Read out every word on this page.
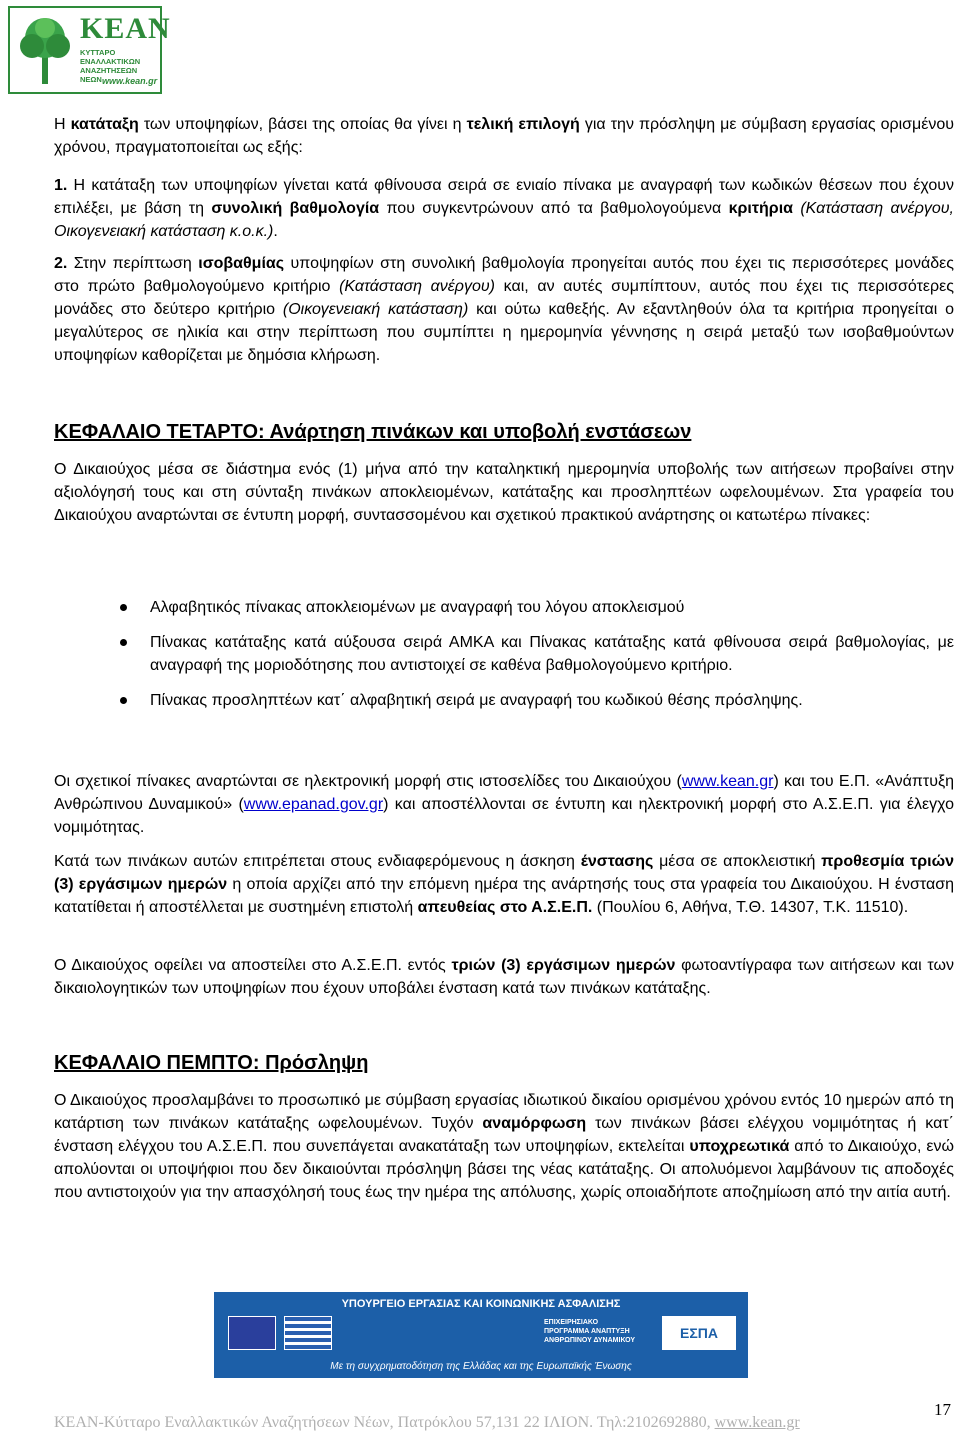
ΚΕΑΝ
ΚΥΤΤΑΡΟ ΕΝΑΛΛΑΚΤΙΚΩΝ ΑΝΑΖΗΤΗΣΕΩΝ ΝΕΩΝ www.kean.gr

Η κατάταξη των υποψηφίων, βάσει της οποίας θα γίνει η τελική επιλογή για την πρόσληψη με σύμβαση εργασίας ορισμένου χρόνου, πραγματοποιείται ως εξής:

1. Η κατάταξη των υποψηφίων γίνεται κατά φθίνουσα σειρά σε ενιαίο πίνακα με αναγραφή των κωδικών θέσεων που έχουν επιλέξει, με βάση τη συνολική βαθμολογία που συγκεντρώνουν από τα βαθμολογούμενα κριτήρια (Κατάσταση ανέργου, Οικογενειακή κατάσταση κ.ο.κ.).

2. Στην περίπτωση ισοβαθμίας υποψηφίων στη συνολική βαθμολογία προηγείται αυτός που έχει τις περισσότερες μονάδες στο πρώτο βαθμολογούμενο κριτήριο (Κατάσταση ανέργου) και, αν αυτές συμπίπτουν, αυτός που έχει τις περισσότερες μονάδες στο δεύτερο κριτήριο (Οικογενειακή κατάσταση) και ούτω καθεξής. Αν εξαντληθούν όλα τα κριτήρια προηγείται ο μεγαλύτερος σε ηλικία και στην περίπτωση που συμπίπτει η ημερομηνία γέννησης η σειρά μεταξύ των ισοβαθμούντων υποψηφίων καθορίζεται με δημόσια κλήρωση.

ΚΕΦΑΛΑΙΟ ΤΕΤΑΡΤΟ: Ανάρτηση πινάκων και υποβολή ενστάσεων

Ο Δικαιούχος μέσα σε διάστημα ενός (1) μήνα από την καταληκτική ημερομηνία υποβολής των αιτήσεων προβαίνει στην αξιολόγησή τους και στη σύνταξη πινάκων αποκλειομένων, κατάταξης και προσληπτέων ωφελουμένων. Στα γραφεία του Δικαιούχου αναρτώνται σε έντυπη μορφή, συντασσομένου και σχετικού πρακτικού ανάρτησης οι κατωτέρω πίνακες:

Αλφαβητικός πίνακας αποκλειομένων με αναγραφή του λόγου αποκλεισμού

Πίνακας κατάταξης κατά αύξουσα σειρά ΑΜΚΑ και Πίνακας κατάταξης κατά φθίνουσα σειρά βαθμολογίας, με αναγραφή της μοριοδότησης που αντιστοιχεί σε καθένα βαθμολογούμενο κριτήριο.

Πίνακας προσληπτέων κατ΄ αλφαβητική σειρά με αναγραφή του κωδικού θέσης πρόσληψης.

Οι σχετικοί πίνακες αναρτώνται σε ηλεκτρονική μορφή στις ιστοσελίδες του Δικαιούχου (www.kean.gr) και του Ε.Π. «Ανάπτυξη Ανθρώπινου Δυναμικού» (www.epanad.gov.gr) και αποστέλλονται σε έντυπη και ηλεκτρονική μορφή στο Α.Σ.Ε.Π. για έλεγχο νομιμότητας.

Κατά των πινάκων αυτών επιτρέπεται στους ενδιαφερόμενους η άσκηση ένστασης μέσα σε αποκλειστική προθεσμία τριών (3) εργάσιμων ημερών η οποία αρχίζει από την επόμενη ημέρα της ανάρτησής τους στα γραφεία του Δικαιούχου. Η ένσταση κατατίθεται ή αποστέλλεται με συστημένη επιστολή απευθείας στο Α.Σ.Ε.Π. (Πουλίου 6, Αθήνα, Τ.Θ. 14307, Τ.Κ. 11510).

Ο Δικαιούχος οφείλει να αποστείλει στο Α.Σ.Ε.Π. εντός τριών (3) εργάσιμων ημερών φωτοαντίγραφα των αιτήσεων και των δικαιολογητικών των υποψηφίων που έχουν υποβάλει ένσταση κατά των πινάκων κατάταξης.

ΚΕΦΑΛΑΙΟ ΠΕΜΠΤΟ: Πρόσληψη

Ο Δικαιούχος προσλαμβάνει το προσωπικό με σύμβαση εργασίας ιδιωτικού δικαίου ορισμένου χρόνου εντός 10 ημερών από τη κατάρτιση των πινάκων κατάταξης ωφελουμένων. Τυχόν αναμόρφωση των πινάκων βάσει ελέγχου νομιμότητας ή κατ΄ ένσταση ελέγχου του Α.Σ.Ε.Π. που συνεπάγεται ανακατάταξη των υποψηφίων, εκτελείται υποχρεωτικά από το Δικαιούχο, ενώ απολύονται οι υποψήφιοι που δεν δικαιούνται πρόσληψη βάσει της νέας κατάταξης. Οι απολυόμενοι λαμβάνουν τις αποδοχές που αντιστοιχούν για την απασχόλησή τους έως την ημέρα της απόλυσης, χωρίς οποιαδήποτε αποζημίωση από την αιτία αυτή.

ΥΠΟΥΡΓΕΙΟ ΕΡΓΑΣΙΑΣ ΚΑΙ ΚΟΙΝΩΝΙΚΗΣ ΑΣΦΑΛΙΣΗΣ
ΕΠΙΧΕΙΡΗΣΙΑΚΟ ΠΡΟΓΡΑΜΜΑ ΑΝΑΠΤΥΞΗ ΑΝΘΡΩΠΙΝΟΥ ΔΥΝΑΜΙΚΟΥ	ΕΣΠΑ
Με τη συγχρηματοδότηση της Ελλάδας και της Ευρωπαϊκής Ένωσης
17
ΚΕΑΝ-Κύτταρο Εναλλακτικών Αναζητήσεων Νέων, Πατρόκλου 57,131 22 ΙΛΙΟΝ. Τηλ:2102692880, www.kean.gr
